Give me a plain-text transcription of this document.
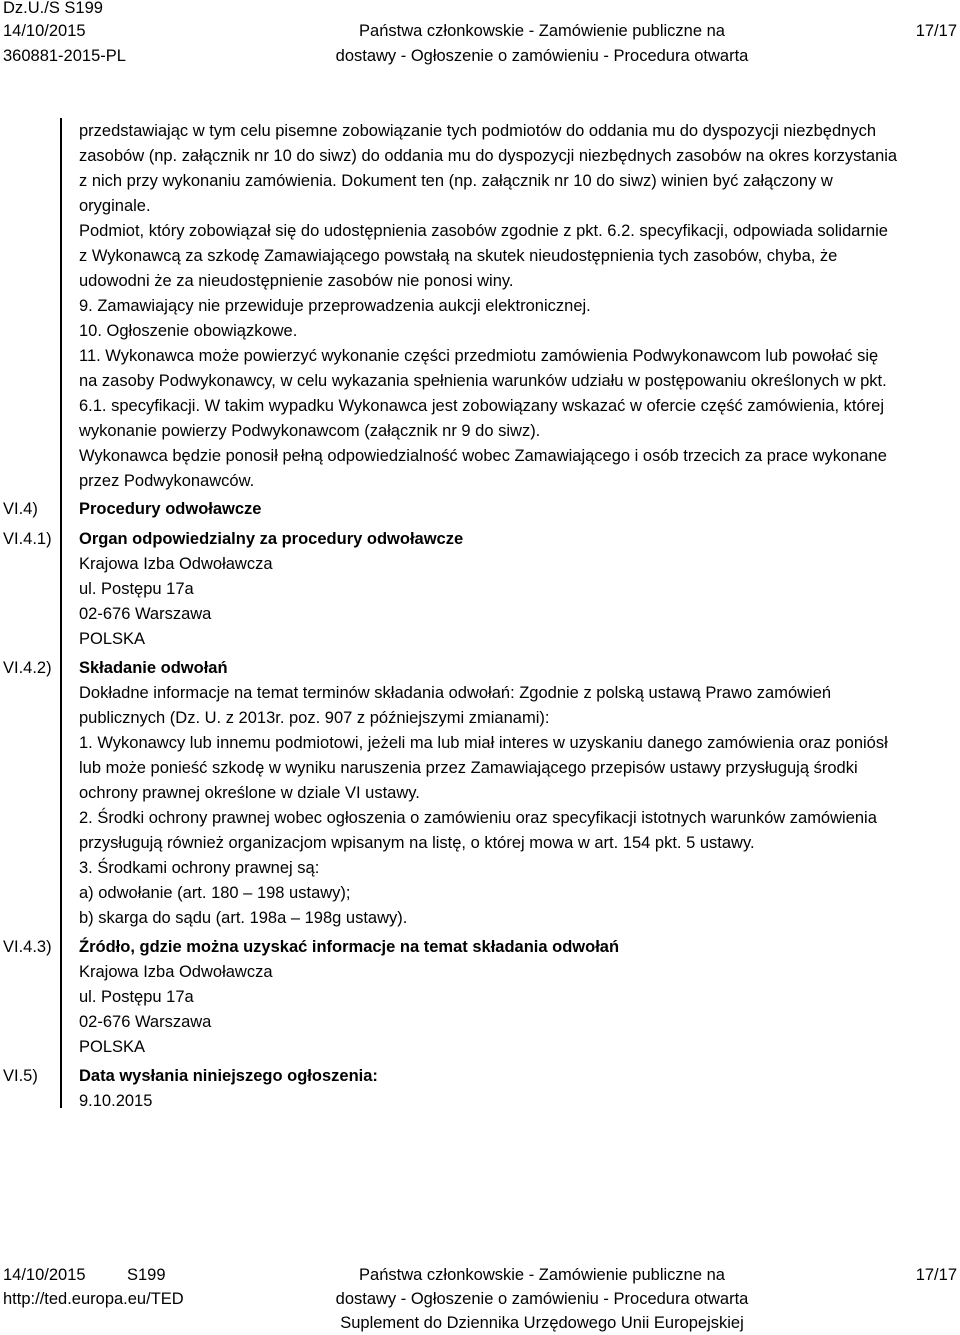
Dz.U./S S199
14/10/2015
360881-2015-PL
Państwa członkowskie - Zamówienie publiczne na
dostawy - Ogłoszenie o zamówieniu - Procedura otwarta
17/17
przedstawiając w tym celu pisemne zobowiązanie tych podmiotów do oddania mu do dyspozycji niezbędnych
zasobów (np. załącznik nr 10 do siwz) do oddania mu do dyspozycji niezbędnych zasobów na okres korzystania
z nich przy wykonaniu zamówienia. Dokument ten (np. załącznik nr 10 do siwz) winien być załączony w
oryginale.
Podmiot, który zobowiązał się do udostępnienia zasobów zgodnie z pkt. 6.2. specyfikacji, odpowiada solidarnie
z Wykonawcą za szkodę Zamawiającego powstałą na skutek nieudostępnienia tych zasobów, chyba, że
udowodni że za nieudostępnienie zasobów nie ponosi winy.
9. Zamawiający nie przewiduje przeprowadzenia aukcji elektronicznej.
10. Ogłoszenie obowiązkowe.
11. Wykonawca może powierzyć wykonanie części przedmiotu zamówienia Podwykonawcom lub powołać się
na zasoby Podwykonawcy, w celu wykazania spełnienia warunków udziału w postępowaniu określonych w pkt.
6.1. specyfikacji. W takim wypadku Wykonawca jest zobowiązany wskazać w ofercie część zamówienia, której
wykonanie powierzy Podwykonawcom (załącznik nr 9 do siwz).
Wykonawca będzie ponosił pełną odpowiedzialność wobec Zamawiającego i osób trzecich za prace wykonane
przez Podwykonawców.
VI.4)	Procedury odwoławcze
VI.4.1)	Organ odpowiedzialny za procedury odwoławcze
Krajowa Izba Odwoławcza
ul. Postępu 17a
02-676 Warszawa
POLSKA
VI.4.2)	Składanie odwołań
Dokładne informacje na temat terminów składania odwołań: Zgodnie z polską ustawą Prawo zamówień
publicznych (Dz. U. z 2013r. poz. 907 z późniejszymi zmianami):
1. Wykonawcy lub innemu podmiotowi, jeżeli ma lub miał interes w uzyskaniu danego zamówienia oraz poniósł
lub może ponieść szkodę w wyniku naruszenia przez Zamawiającego przepisów ustawy przysługują środki
ochrony prawnej określone w dziale VI ustawy.
2. Środki ochrony prawnej wobec ogłoszenia o zamówieniu oraz specyfikacji istotnych warunków zamówienia
przysługują również organizacjom wpisanym na listę, o której mowa w art. 154 pkt. 5 ustawy.
3. Środkami ochrony prawnej są:
a) odwołanie (art. 180 – 198 ustawy);
b) skarga do sądu (art. 198a – 198g ustawy).
VI.4.3)	Źródło, gdzie można uzyskać informacje na temat składania odwołań
Krajowa Izba Odwoławcza
ul. Postępu 17a
02-676 Warszawa
POLSKA
VI.5)	Data wysłania niniejszego ogłoszenia:
9.10.2015
14/10/2015	S199
http://ted.europa.eu/TED
Państwa członkowskie - Zamówienie publiczne na
dostawy - Ogłoszenie o zamówieniu - Procedura otwarta
Suplement do Dziennika Urzędowego Unii Europejskiej
17/17
